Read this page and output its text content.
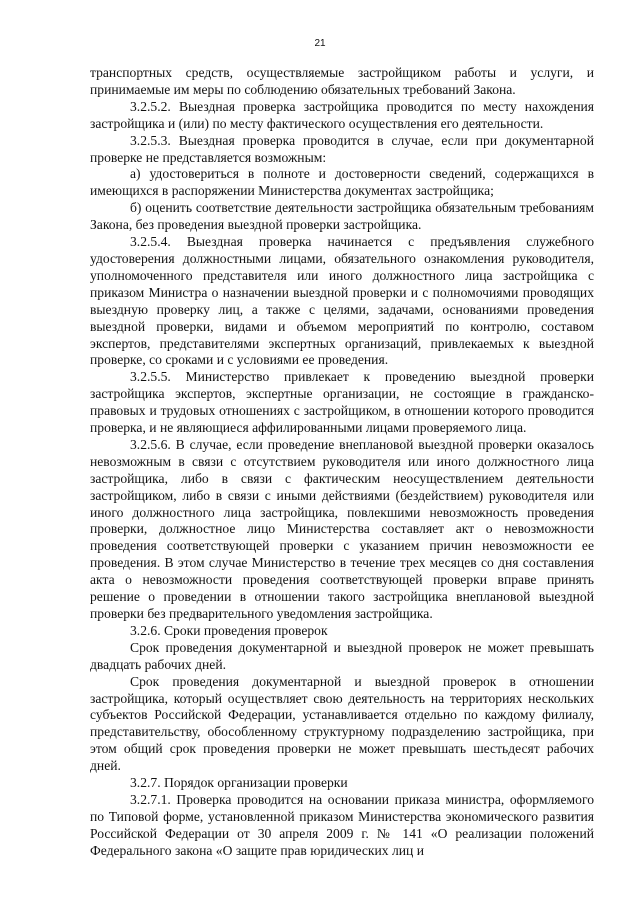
21

транспортных средств, осуществляемые застройщиком работы и услуги, и принимаемые им меры по соблюдению обязательных требований Закона.

3.2.5.2. Выездная проверка застройщика проводится по месту нахождения застройщика и (или) по месту фактического осуществления его деятельности.

3.2.5.3. Выездная проверка проводится в случае, если при документарной проверке не представляется возможным:

а) удостовериться в полноте и достоверности сведений, содержащихся в имеющихся в распоряжении Министерства документах застройщика;

б) оценить соответствие деятельности застройщика обязательным требованиям Закона, без проведения выездной проверки застройщика.

3.2.5.4. Выездная проверка начинается с предъявления служебного удостоверения должностными лицами, обязательного ознакомления руководителя, уполномоченного представителя или иного должностного лица застройщика с приказом Министра о назначении выездной проверки и с полномочиями проводящих выездную проверку лиц, а также с целями, задачами, основаниями проведения выездной проверки, видами и объемом мероприятий по контролю, составом экспертов, представителями экспертных организаций, привлекаемых к выездной проверке, со сроками и с условиями ее проведения.

3.2.5.5. Министерство привлекает к проведению выездной проверки застройщика экспертов, экспертные организации, не состоящие в гражданско-правовых и трудовых отношениях с застройщиком, в отношении которого проводится проверка, и не являющиеся аффилированными лицами проверяемого лица.

3.2.5.6. В случае, если проведение внеплановой выездной проверки оказалось невозможным в связи с отсутствием руководителя или иного должностного лица застройщика, либо в связи с фактическим неосуществлением деятельности застройщиком, либо в связи с иными действиями (бездействием) руководителя или иного должностного лица застройщика, повлекшими невозможность проведения проверки, должностное лицо Министерства составляет акт о невозможности проведения соответствующей проверки с указанием причин невозможности ее проведения. В этом случае Министерство в течение трех месяцев со дня составления акта о невозможности проведения соответствующей проверки вправе принять решение о проведении в отношении такого застройщика внеплановой выездной проверки без предварительного уведомления застройщика.

3.2.6. Сроки проведения проверок

Срок проведения документарной и выездной проверок не может превышать двадцать рабочих дней.

Срок проведения документарной и выездной проверок в отношении застройщика, который осуществляет свою деятельность на территориях нескольких субъектов Российской Федерации, устанавливается отдельно по каждому филиалу, представительству, обособленному структурному подразделению застройщика, при этом общий срок проведения проверки не может превышать шестьдесят рабочих дней.

3.2.7. Порядок организации проверки

3.2.7.1. Проверка проводится на основании приказа министра, оформляемого по Типовой форме, установленной приказом Министерства экономического развития Российской Федерации от 30 апреля 2009 г. № 141 «О реализации положений Федерального закона «О защите прав юридических лиц и
